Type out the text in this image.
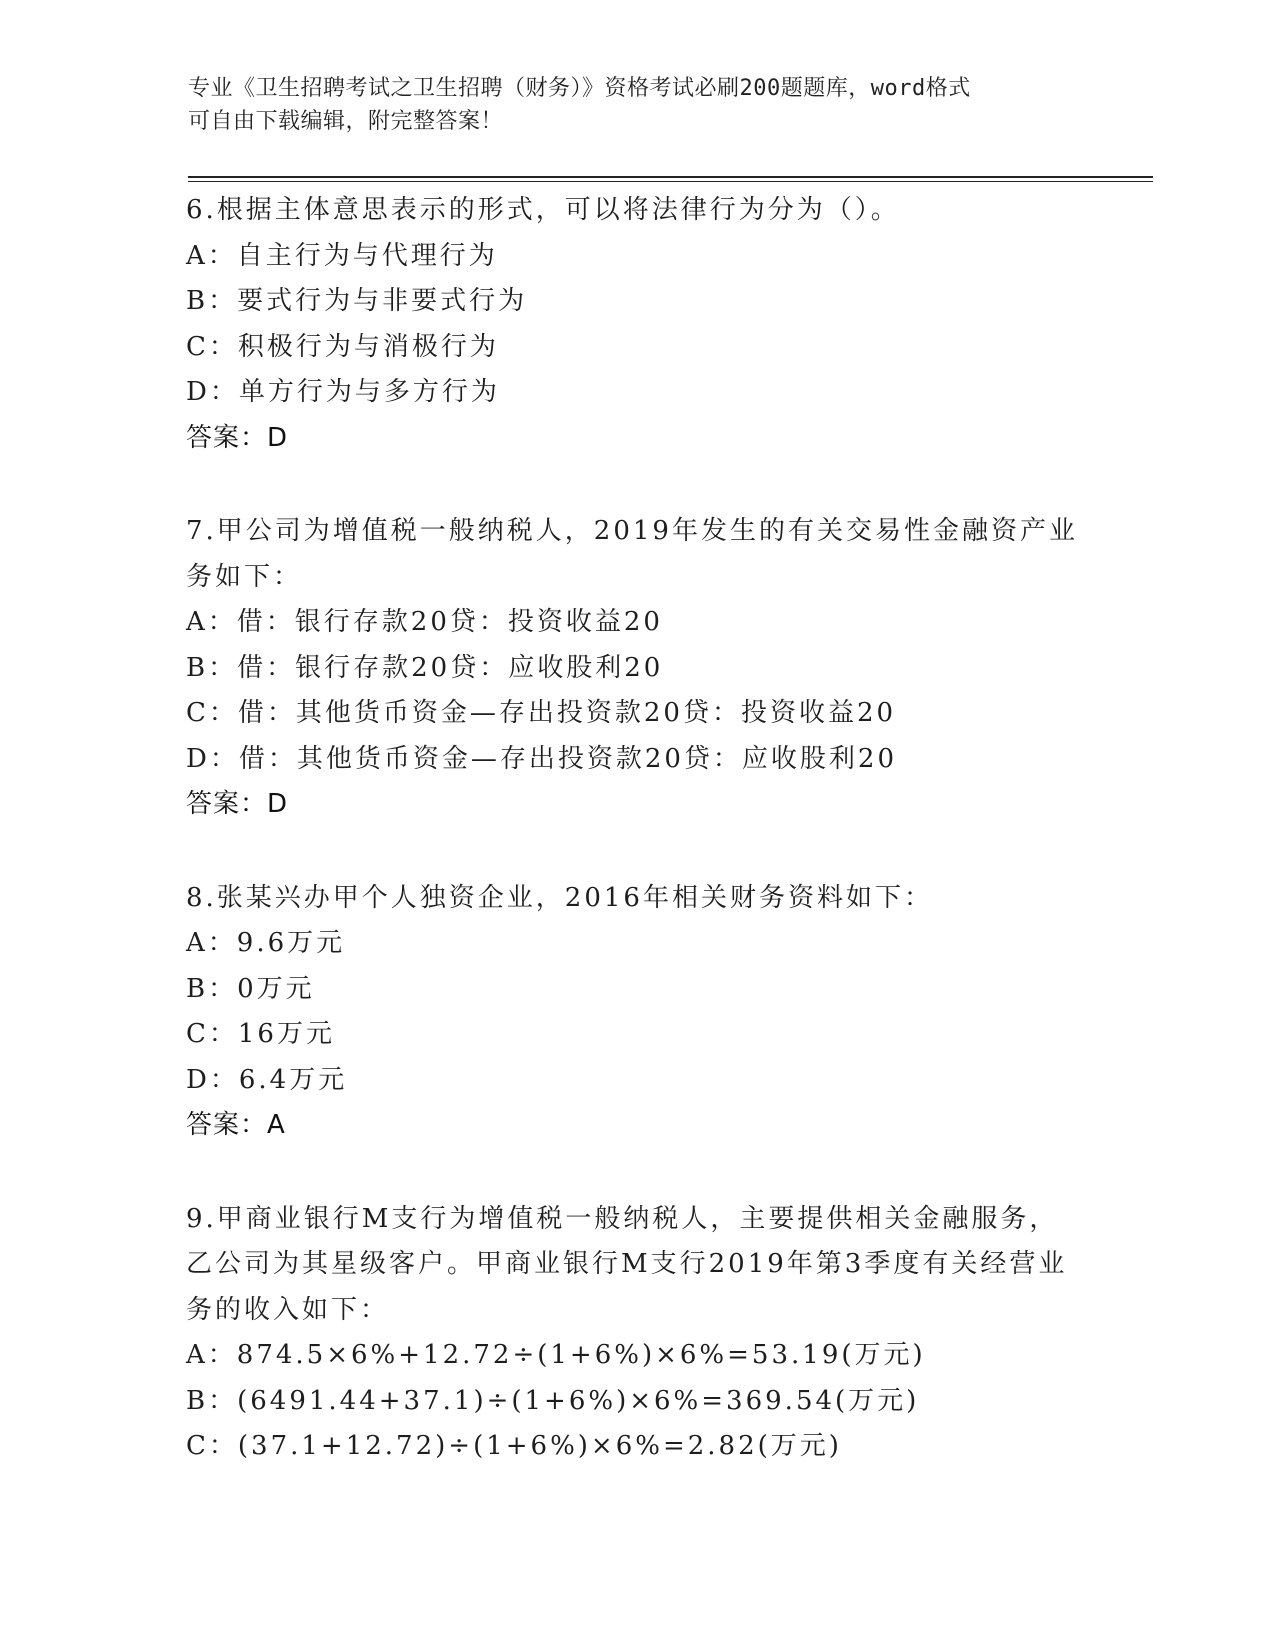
专业《卫生招聘考试之卫生招聘（财务）》资格考试必刷200题题库，word格式
可自由下载编辑，附完整答案！
6.根据主体意思表示的形式，可以将法律行为分为（）。
A：自主行为与代理行为
B：要式行为与非要式行为
C：积极行为与消极行为
D：单方行为与多方行为
答案：D
7.甲公司为增值税一般纳税人，2019年发生的有关交易性金融资产业
务如下：
A：借：银行存款20贷：投资收益20
B：借：银行存款20贷：应收股利20
C：借：其他货币资金—存出投资款20贷：投资收益20
D：借：其他货币资金—存出投资款20贷：应收股利20
答案：D
8.张某兴办甲个人独资企业，2016年相关财务资料如下：
A：9.6万元
B：0万元
C：16万元
D：6.4万元
答案：A
9.甲商业银行M支行为增值税一般纳税人，主要提供相关金融服务，
乙公司为其星级客户。甲商业银行M支行2019年第3季度有关经营业
务的收入如下：
A：874.5×6%+12.72÷(1+6%)×6%=53.19(万元)
B：(6491.44+37.1)÷(1+6%)×6%=369.54(万元)
C：(37.1+12.72)÷(1+6%)×6%=2.82(万元)
